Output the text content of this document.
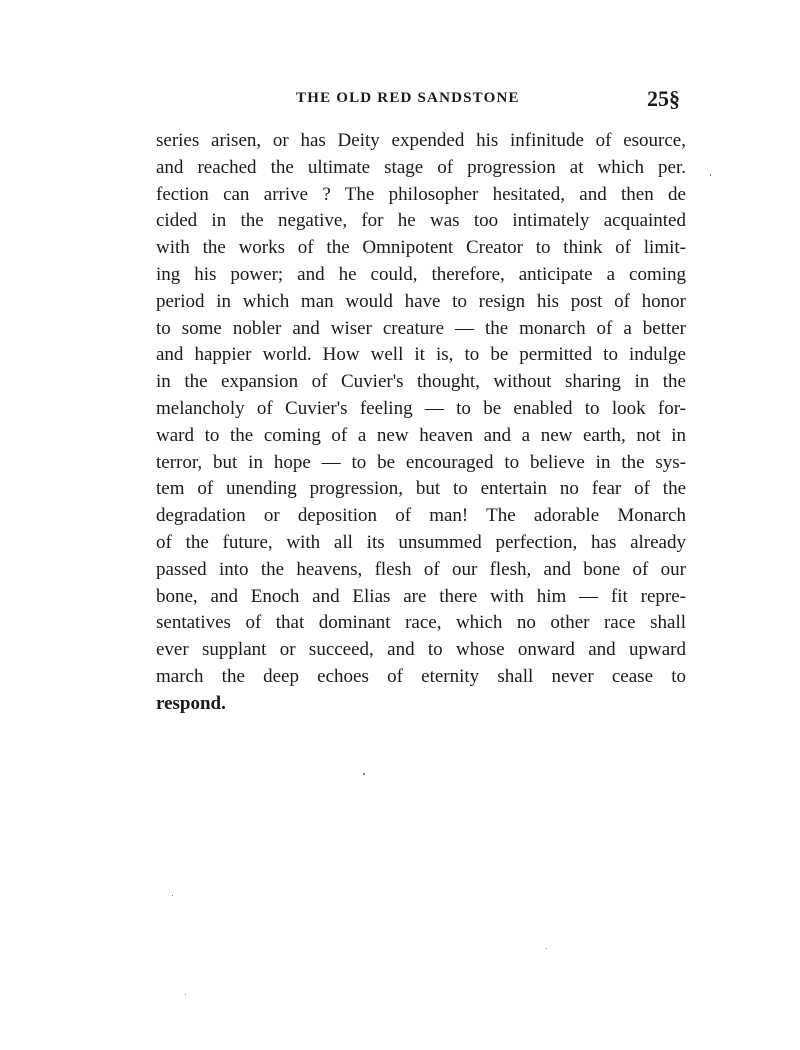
THE OLD RED SANDSTONE	25§
series arisen, or has Deity expended his infinitude of esource,
and reached the ultimate stage of progression at which per.
fection can arrive ? The philosopher hesitated, and then de
cided in the negative, for he was too intimately acquainted
with the works of the Omnipotent Creator to think of limit-
ing his power; and he could, therefore, anticipate a coming
period in which man would have to resign his post of honor
to some nobler and wiser creature — the monarch of a better
and happier world. How well it is, to be permitted to indulge
in the expansion of Cuvier's thought, without sharing in the
melancholy of Cuvier's feeling — to be enabled to look for-
ward to the coming of a new heaven and a new earth, not in
terror, but in hope — to be encouraged to believe in the sys-
tem of unending progression, but to entertain no fear of the
degradation or deposition of man! The adorable Monarch
of the future, with all its unsummed perfection, has already
passed into the heavens, flesh of our flesh, and bone of our
bone, and Enoch and Elias are there with him — fit repre-
sentatives of that dominant race, which no other race shall
ever supplant or succeed, and to whose onward and upward
march the deep echoes of eternity shall never cease to
respond.
